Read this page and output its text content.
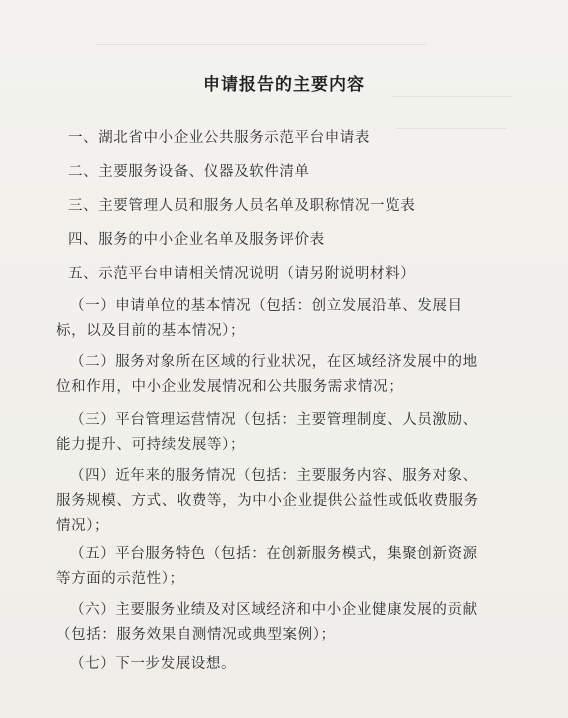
申请报告的主要内容
一、湖北省中小企业公共服务示范平台申请表
二、主要服务设备、仪器及软件清单
三、主要管理人员和服务人员名单及职称情况一览表
四、服务的中小企业名单及服务评价表
五、示范平台申请相关情况说明（请另附说明材料）
（一）申请单位的基本情况（包括：创立发展沿革、发展目
标，以及目前的基本情况）；
（二）服务对象所在区域的行业状况，在区域经济发展中的地
位和作用，中小企业发展情况和公共服务需求情况；
（三）平台管理运营情况（包括：主要管理制度、人员激励、
能力提升、可持续发展等）；
（四）近年来的服务情况（包括：主要服务内容、服务对象、
服务规模、方式、收费等，为中小企业提供公益性或低收费服务
情况）；
（五）平台服务特色（包括：在创新服务模式，集聚创新资源
等方面的示范性）；
（六）主要服务业绩及对区域经济和中小企业健康发展的贡献
（包括：服务效果自测情况或典型案例）；
（七）下一步发展设想。
